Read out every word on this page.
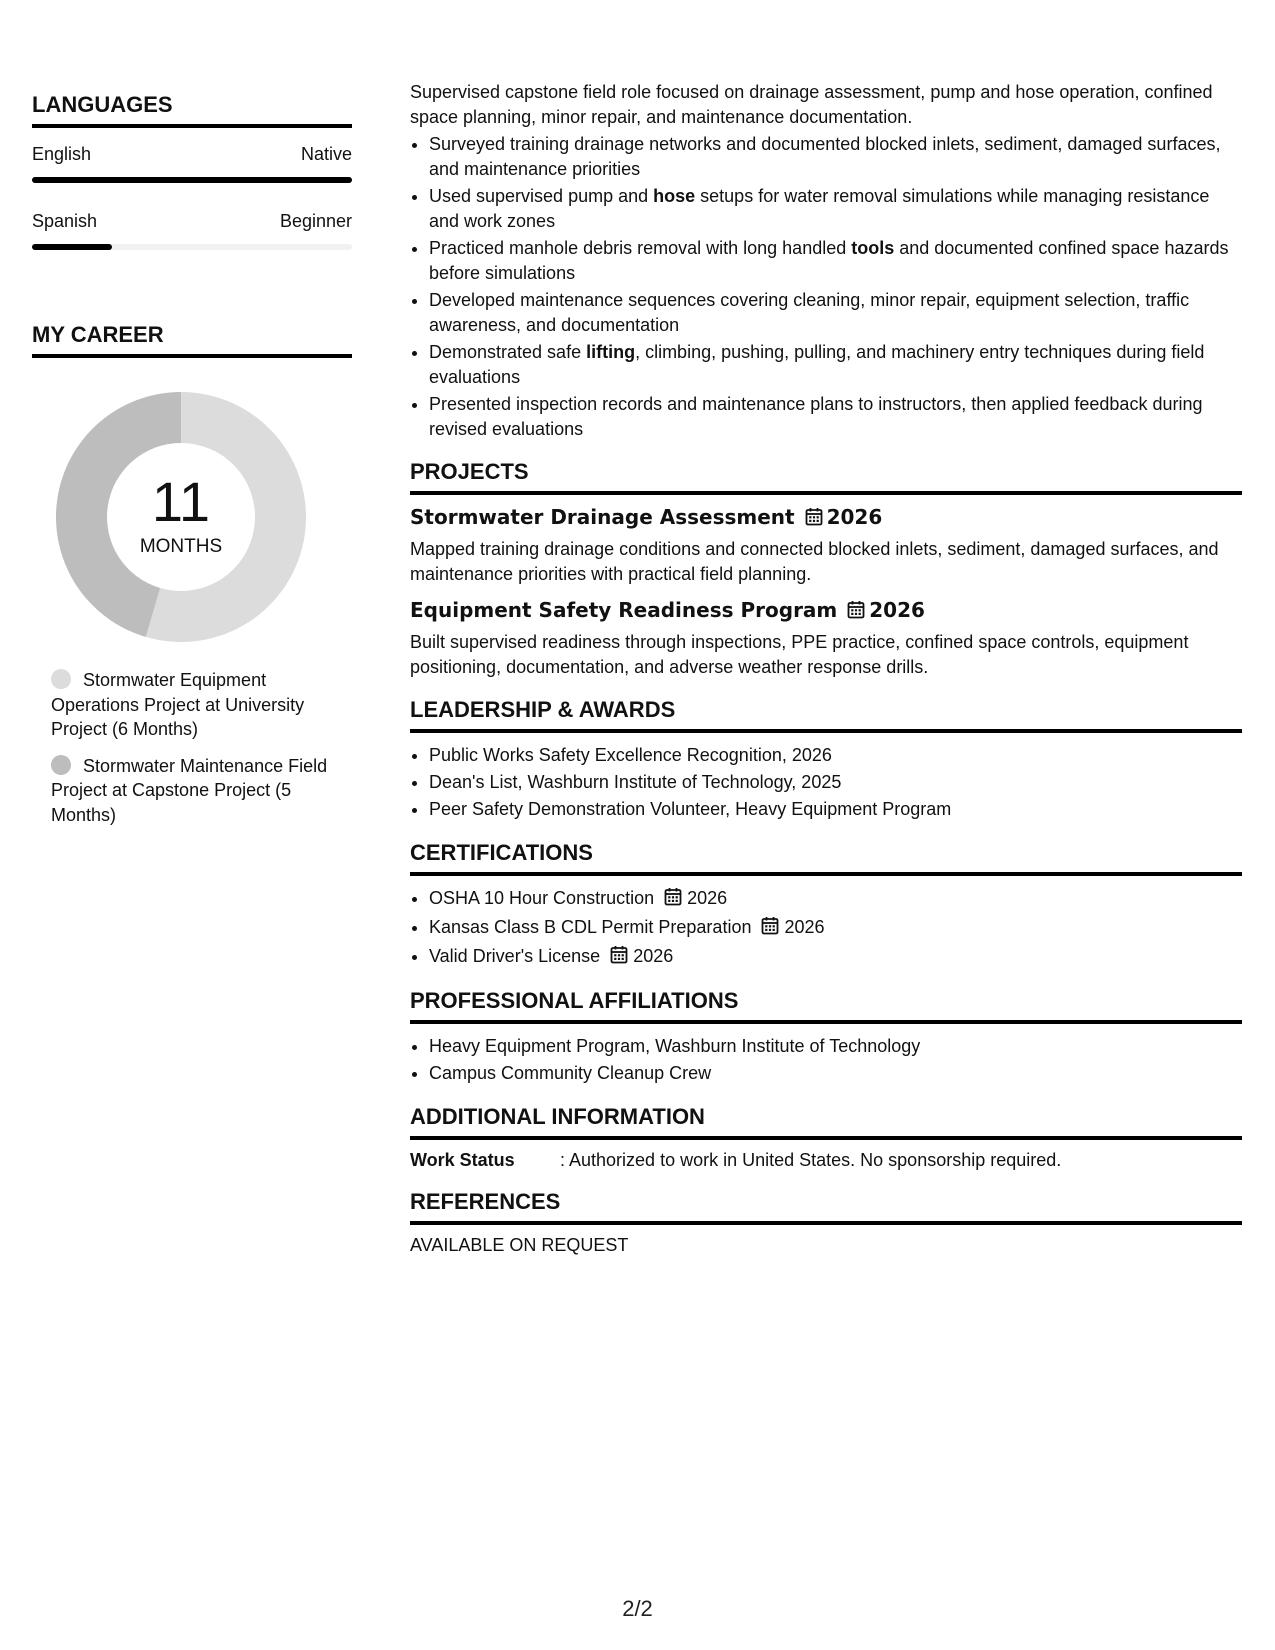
LANGUAGES
English	Native
Spanish	Beginner
MY CAREER
11
MONTHS
Stormwater Equipment Operations Project at University Project (6 Months)
Stormwater Maintenance Field Project at Capstone Project (5 Months)

Supervised capstone field role focused on drainage assessment, pump and hose operation, confined space planning, minor repair, and maintenance documentation.

• Surveyed training drainage networks and documented blocked inlets, sediment, damaged surfaces, and maintenance priorities
• Used supervised pump and hose setups for water removal simulations while managing resistance and work zones
• Practiced manhole debris removal with long handled tools and documented confined space hazards before simulations
• Developed maintenance sequences covering cleaning, minor repair, equipment selection, traffic awareness, and documentation
• Demonstrated safe lifting, climbing, pushing, pulling, and machinery entry techniques during field evaluations
• Presented inspection records and maintenance plans to instructors, then applied feedback during revised evaluations
PROJECTS
Stormwater Drainage Assessment 2026

Mapped training drainage conditions and connected blocked inlets, sediment, damaged surfaces, and maintenance priorities with practical field planning.

Equipment Safety Readiness Program 2026

Built supervised readiness through inspections, PPE practice, confined space controls, equipment positioning, documentation, and adverse weather response drills.

LEADERSHIP & AWARDS
• Public Works Safety Excellence Recognition, 2026
• Dean's List, Washburn Institute of Technology, 2025
• Peer Safety Demonstration Volunteer, Heavy Equipment Program
CERTIFICATIONS
• OSHA 10 Hour Construction 2026
• Kansas Class B CDL Permit Preparation 2026
• Valid Driver's License 2026
PROFESSIONAL AFFILIATIONS
• Heavy Equipment Program, Washburn Institute of Technology
• Campus Community Cleanup Crew
ADDITIONAL INFORMATION
Work Status	: Authorized to work in United States. No sponsorship required.
REFERENCES
AVAILABLE ON REQUEST
2/2
